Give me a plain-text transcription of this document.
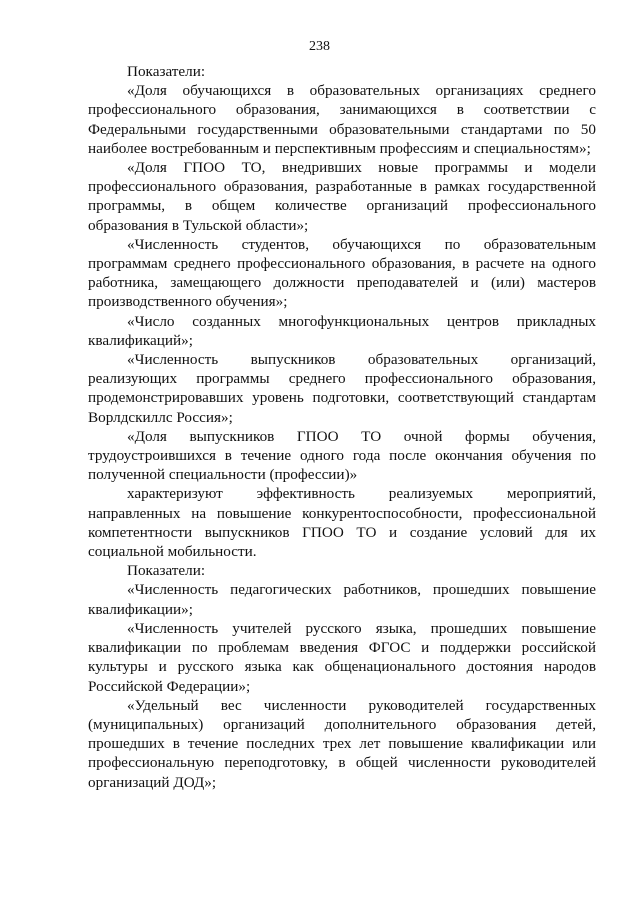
238

Показатели:

«Доля обучающихся в образовательных организациях среднего профессионального образования, занимающихся в соответствии с Федеральными государственными образовательными стандартами по 50 наиболее востребованным и перспективным профессиям и специальностям»;

«Доля ГПОО ТО, внедривших новые программы и модели профессионального образования, разработанные в рамках государственной программы, в общем количестве организаций профессионального образования в Тульской области»;

«Численность студентов, обучающихся по образовательным программам среднего профессионального образования, в расчете на одного работника, замещающего должности преподавателей и (или) мастеров производственного обучения»;

«Число созданных многофункциональных центров прикладных квалификаций»;

«Численность выпускников образовательных организаций, реализующих программы среднего профессионального образования, продемонстрировавших уровень подготовки, соответствующий стандартам Ворлдскиллс Россия»;

«Доля выпускников ГПОО ТО очной формы обучения, трудоустроившихся в течение одного года после окончания обучения по полученной специальности (профессии)»

характеризуют эффективность реализуемых мероприятий, направленных на повышение конкурентоспособности, профессиональной компетентности выпускников ГПОО ТО и создание условий для их социальной мобильности.

Показатели:

«Численность педагогических работников, прошедших повышение квалификации»;

«Численность учителей русского языка, прошедших повышение квалификации по проблемам введения ФГОС и поддержки российской культуры и русского языка как общенационального достояния народов Российской Федерации»;

«Удельный вес численности руководителей государственных (муниципальных) организаций дополнительного образования детей, прошедших в течение последних трех лет повышение квалификации или профессиональную переподготовку, в общей численности руководителей организаций ДОД»;
